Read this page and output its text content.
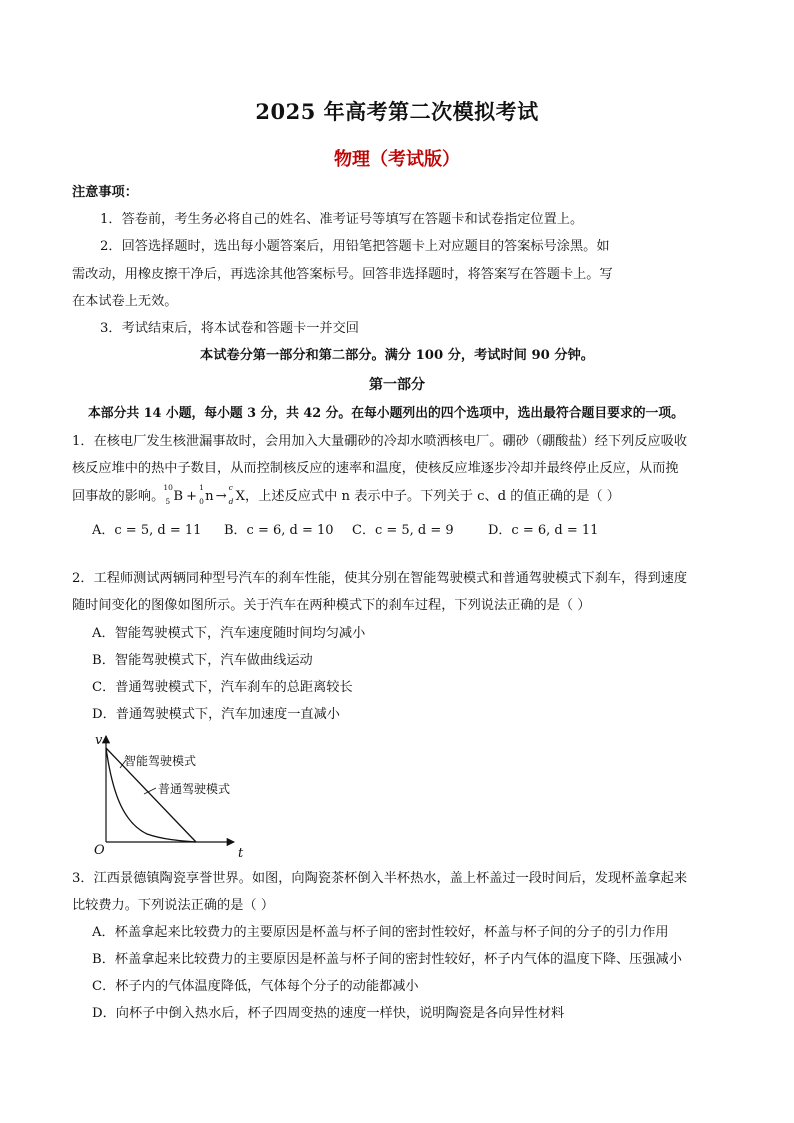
2025 年高考第二次模拟考试
物理（考试版）
注意事项：
1．答卷前，考生务必将自己的姓名、准考证号等填写在答题卡和试卷指定位置上。
2．回答选择题时，选出每小题答案后，用铅笔把答题卡上对应题目的答案标号涂黑。如
需改动，用橡皮擦干净后，再选涂其他答案标号。回答非选择题时，将答案写在答题卡上。写
在本试卷上无效。
3．考试结束后，将本试卷和答题卡一并交回
本试卷分第一部分和第二部分。满分 100 分，考试时间 90 分钟。
第一部分
本部分共 14 小题，每小题 3 分，共 42 分。在每小题列出的四个选项中，选出最符合题目要求的一项。
1．在核电厂发生核泄漏事故时，会用加入大量硼砂的冷却水喷洒核电厂。硼砂（硼酸盐）经下列反应吸收
核反应堆中的热中子数目，从而控制核反应的速率和温度，使核反应堆逐步冷却并最终停止反应，从而挽
回事故的影响。
10
5 B +
1
0 n →
c
d X，上述反应式中 n 表示中子。下列关于 c、d 的值正确的是（ ）
A．c = 5, d = 11 B．c = 6, d = 10 C．c = 5, d = 9	D．c = 6, d = 11
2．工程师测试两辆同种型号汽车的刹车性能，使其分别在智能驾驶模式和普通驾驶模式下刹车，得到速度
随时间变化的图像如图所示。关于汽车在两种模式下的刹车过程，下列说法正确的是（ ）
A．智能驾驶模式下，汽车速度随时间均匀减小
B．智能驾驶模式下，汽车做曲线运动
C．普通驾驶模式下，汽车刹车的总距离较长
D．普通驾驶模式下，汽车加速度一直减小
v
t
O
智能驾驶模式
普通驾驶模式
3．江西景德镇陶瓷享誉世界。如图，向陶瓷茶杯倒入半杯热水，盖上杯盖过一段时间后，发现杯盖拿起来
比较费力。下列说法正确的是（ ）
A．杯盖拿起来比较费力的主要原因是杯盖与杯子间的密封性较好，杯盖与杯子间的分子的引力作用
B．杯盖拿起来比较费力的主要原因是杯盖与杯子间的密封性较好，杯子内气体的温度下降、压强减小
C．杯子内的气体温度降低，气体每个分子的动能都减小
D．向杯子中倒入热水后，杯子四周变热的速度一样快，说明陶瓷是各向异性材料
